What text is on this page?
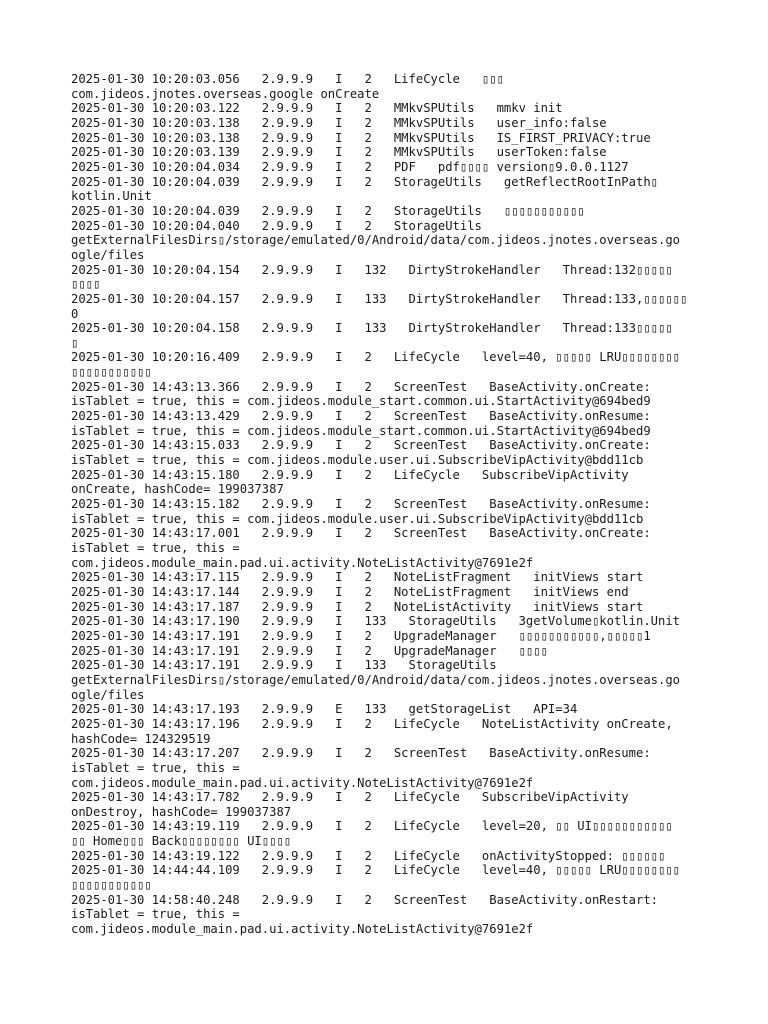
2025-01-30 10:20:03.056   2.9.9.9   I   2   LifeCycle   ▯▯▯
com.jideos.jnotes.overseas.google onCreate
2025-01-30 10:20:03.122   2.9.9.9   I   2   MMkvSPUtils   mmkv init
2025-01-30 10:20:03.138   2.9.9.9   I   2   MMkvSPUtils   user_info:false
2025-01-30 10:20:03.138   2.9.9.9   I   2   MMkvSPUtils   IS_FIRST_PRIVACY:true
2025-01-30 10:20:03.139   2.9.9.9   I   2   MMkvSPUtils   userToken:false
2025-01-30 10:20:04.034   2.9.9.9   I   2   PDF   pdf▯▯▯▯ version▯9.0.0.1127
2025-01-30 10:20:04.039   2.9.9.9   I   2   StorageUtils   getReflectRootInPath▯
kotlin.Unit
2025-01-30 10:20:04.039   2.9.9.9   I   2   StorageUtils   ▯▯▯▯▯▯▯▯▯▯▯
2025-01-30 10:20:04.040   2.9.9.9   I   2   StorageUtils
getExternalFilesDirs▯/storage/emulated/0/Android/data/com.jideos.jnotes.overseas.go
ogle/files
2025-01-30 10:20:04.154   2.9.9.9   I   132   DirtyStrokeHandler   Thread:132▯▯▯▯▯
▯▯▯▯
2025-01-30 10:20:04.157   2.9.9.9   I   133   DirtyStrokeHandler   Thread:133,▯▯▯▯▯▯
0
2025-01-30 10:20:04.158   2.9.9.9   I   133   DirtyStrokeHandler   Thread:133▯▯▯▯▯
▯
2025-01-30 10:20:16.409   2.9.9.9   I   2   LifeCycle   level=40, ▯▯▯▯▯ LRU▯▯▯▯▯▯▯▯
▯▯▯▯▯▯▯▯▯▯▯
2025-01-30 14:43:13.366   2.9.9.9   I   2   ScreenTest   BaseActivity.onCreate:
isTablet = true, this = com.jideos.module_start.common.ui.StartActivity@694bed9
2025-01-30 14:43:13.429   2.9.9.9   I   2   ScreenTest   BaseActivity.onResume:
isTablet = true, this = com.jideos.module_start.common.ui.StartActivity@694bed9
2025-01-30 14:43:15.033   2.9.9.9   I   2   ScreenTest   BaseActivity.onCreate:
isTablet = true, this = com.jideos.module.user.ui.SubscribeVipActivity@bdd11cb
2025-01-30 14:43:15.180   2.9.9.9   I   2   LifeCycle   SubscribeVipActivity
onCreate, hashCode= 199037387
2025-01-30 14:43:15.182   2.9.9.9   I   2   ScreenTest   BaseActivity.onResume:
isTablet = true, this = com.jideos.module.user.ui.SubscribeVipActivity@bdd11cb
2025-01-30 14:43:17.001   2.9.9.9   I   2   ScreenTest   BaseActivity.onCreate:
isTablet = true, this =
com.jideos.module_main.pad.ui.activity.NoteListActivity@7691e2f
2025-01-30 14:43:17.115   2.9.9.9   I   2   NoteListFragment   initViews start
2025-01-30 14:43:17.144   2.9.9.9   I   2   NoteListFragment   initViews end
2025-01-30 14:43:17.187   2.9.9.9   I   2   NoteListActivity   initViews start
2025-01-30 14:43:17.190   2.9.9.9   I   133   StorageUtils   3getVolume▯kotlin.Unit
2025-01-30 14:43:17.191   2.9.9.9   I   2   UpgradeManager   ▯▯▯▯▯▯▯▯▯▯▯,▯▯▯▯▯1
2025-01-30 14:43:17.191   2.9.9.9   I   2   UpgradeManager   ▯▯▯▯
2025-01-30 14:43:17.191   2.9.9.9   I   133   StorageUtils
getExternalFilesDirs▯/storage/emulated/0/Android/data/com.jideos.jnotes.overseas.go
ogle/files
2025-01-30 14:43:17.193   2.9.9.9   E   133   getStorageList   API=34
2025-01-30 14:43:17.196   2.9.9.9   I   2   LifeCycle   NoteListActivity onCreate,
hashCode= 124329519
2025-01-30 14:43:17.207   2.9.9.9   I   2   ScreenTest   BaseActivity.onResume:
isTablet = true, this =
com.jideos.module_main.pad.ui.activity.NoteListActivity@7691e2f
2025-01-30 14:43:17.782   2.9.9.9   I   2   LifeCycle   SubscribeVipActivity
onDestroy, hashCode= 199037387
2025-01-30 14:43:19.119   2.9.9.9   I   2   LifeCycle   level=20, ▯▯ UI▯▯▯▯▯▯▯▯▯▯▯
▯▯ Home▯▯▯ Back▯▯▯▯▯▯▯▯ UI▯▯▯▯
2025-01-30 14:43:19.122   2.9.9.9   I   2   LifeCycle   onActivityStopped: ▯▯▯▯▯▯
2025-01-30 14:44:44.109   2.9.9.9   I   2   LifeCycle   level=40, ▯▯▯▯▯ LRU▯▯▯▯▯▯▯▯
▯▯▯▯▯▯▯▯▯▯▯
2025-01-30 14:58:40.248   2.9.9.9   I   2   ScreenTest   BaseActivity.onRestart:
isTablet = true, this =
com.jideos.module_main.pad.ui.activity.NoteListActivity@7691e2f
